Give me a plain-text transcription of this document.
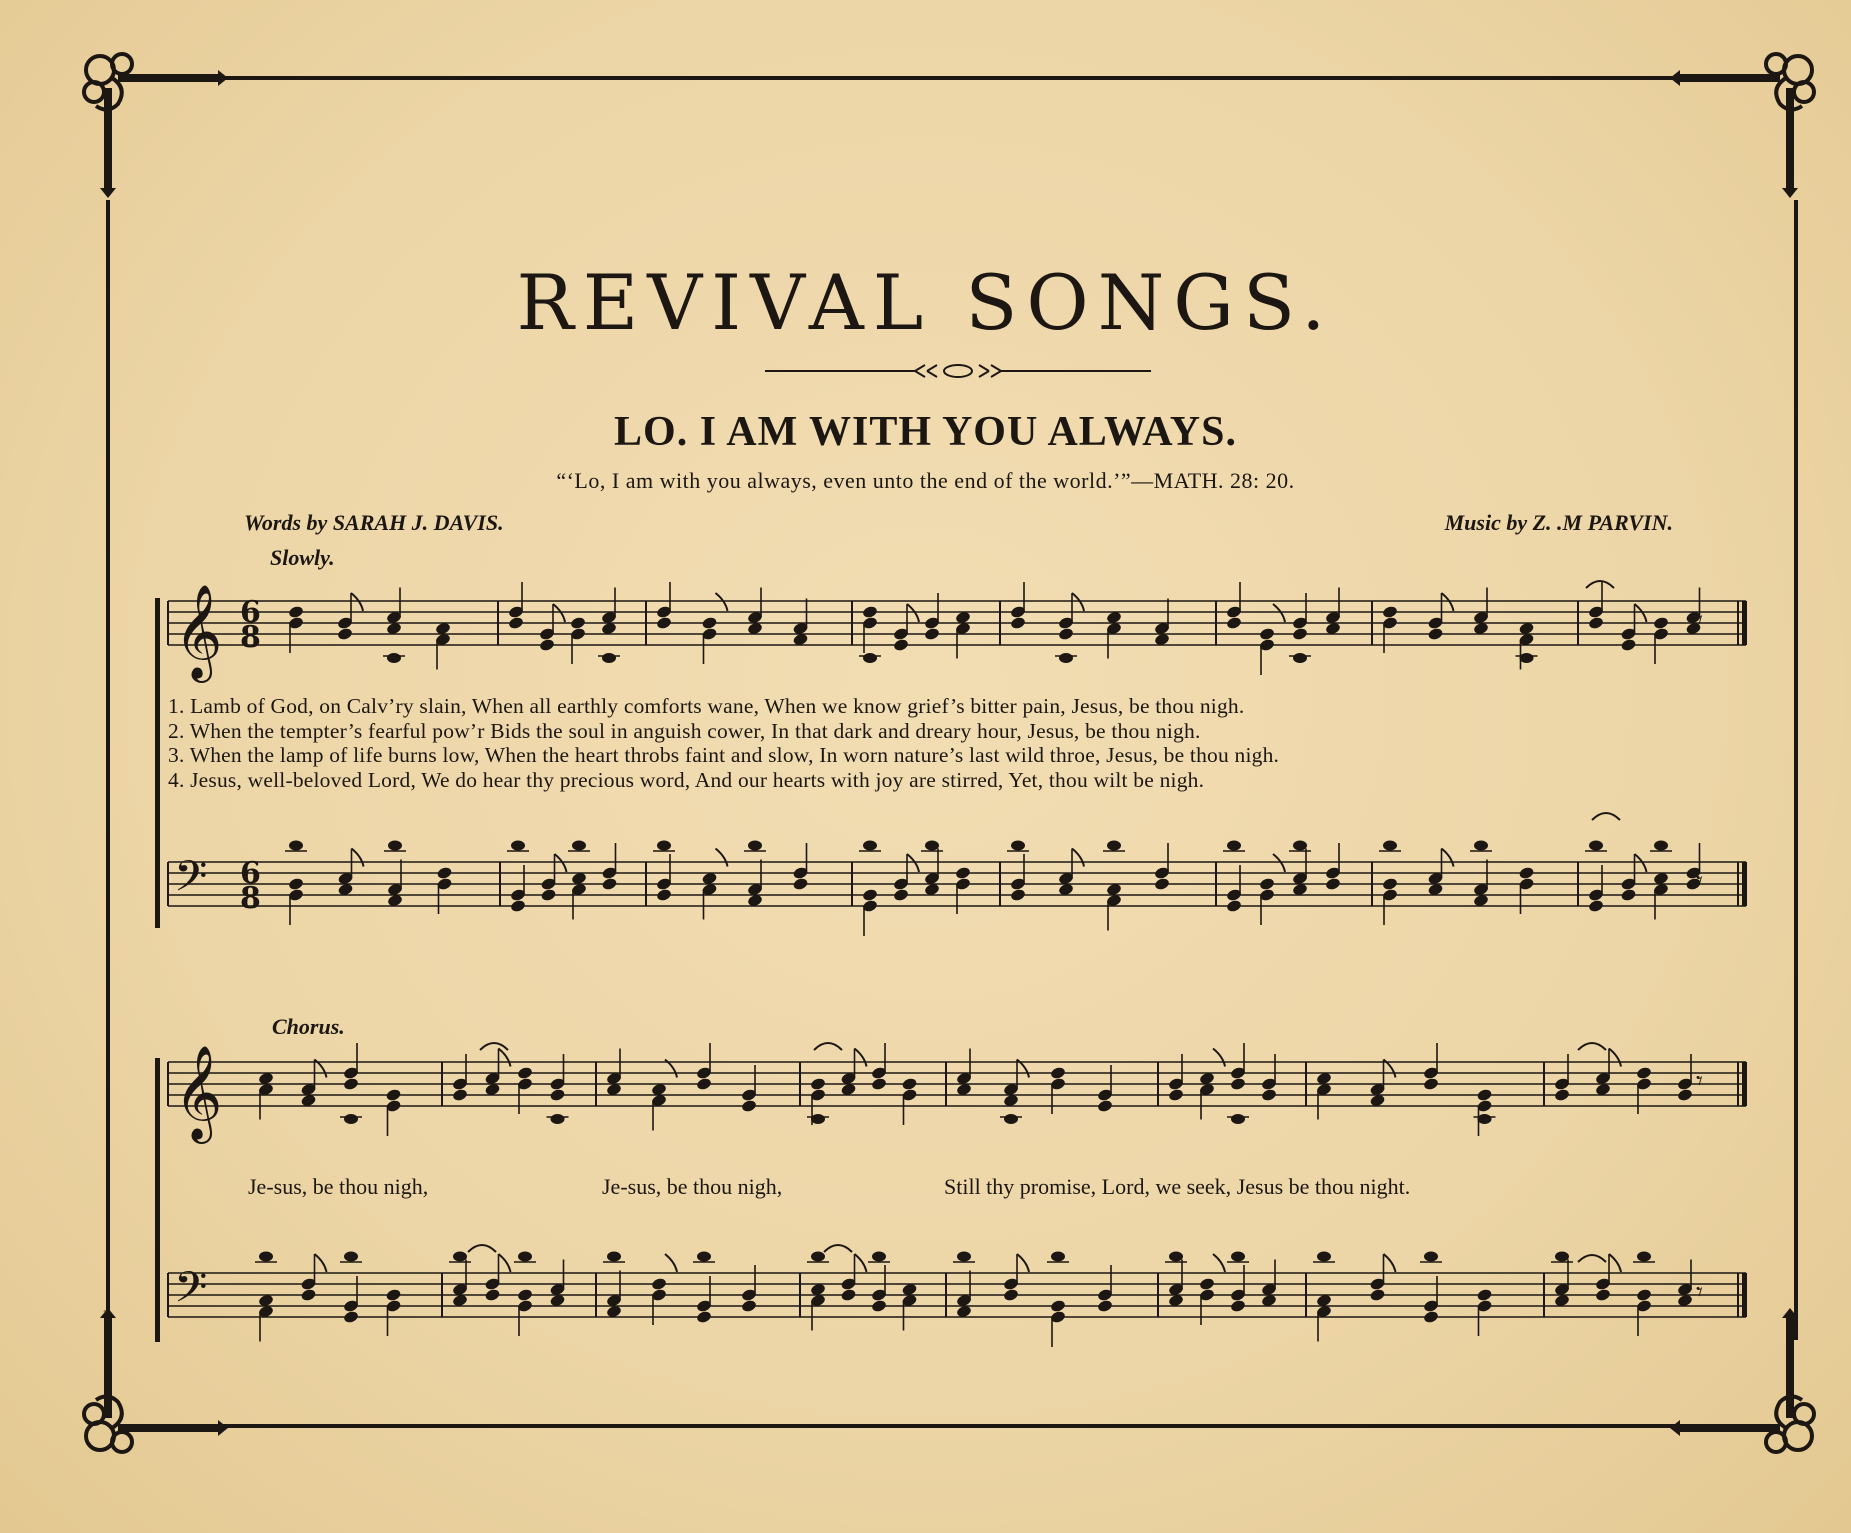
REVIVAL SONGS.
LO. I AM WITH YOU ALWAYS.
“‘Lo, I am with you always, even unto the end of the world.’”—MATH. 28: 20.
Words by SARAH J. DAVIS.	Music by Z. .M PARVIN.
Slowly.
1. Lamb of God, on Calv’ry slain, When all earthly comforts wane, When we know grief’s bitter pain, Jesus, be thou nigh.
2. When the tempter’s fearful pow’r Bids the soul in anguish cower, In that dark and dreary hour, Jesus, be thou nigh.
3. When the lamp of life burns low, When the heart throbs faint and slow, In worn nature’s last wild throe, Jesus, be thou nigh.
4. Jesus, well-beloved Lord, We do hear thy precious word, And our hearts with joy are stirred, Yet, thou wilt be nigh.
Chorus.
Je-sus, be thou nigh,	Je-sus, be thou nigh,	Still thy promise, Lord, we seek, Jesus be thou night.
𝄞 6
8	𝄾
𝄢 6
8	𝄾
𝄞	𝄾
𝄢	𝄾
3
